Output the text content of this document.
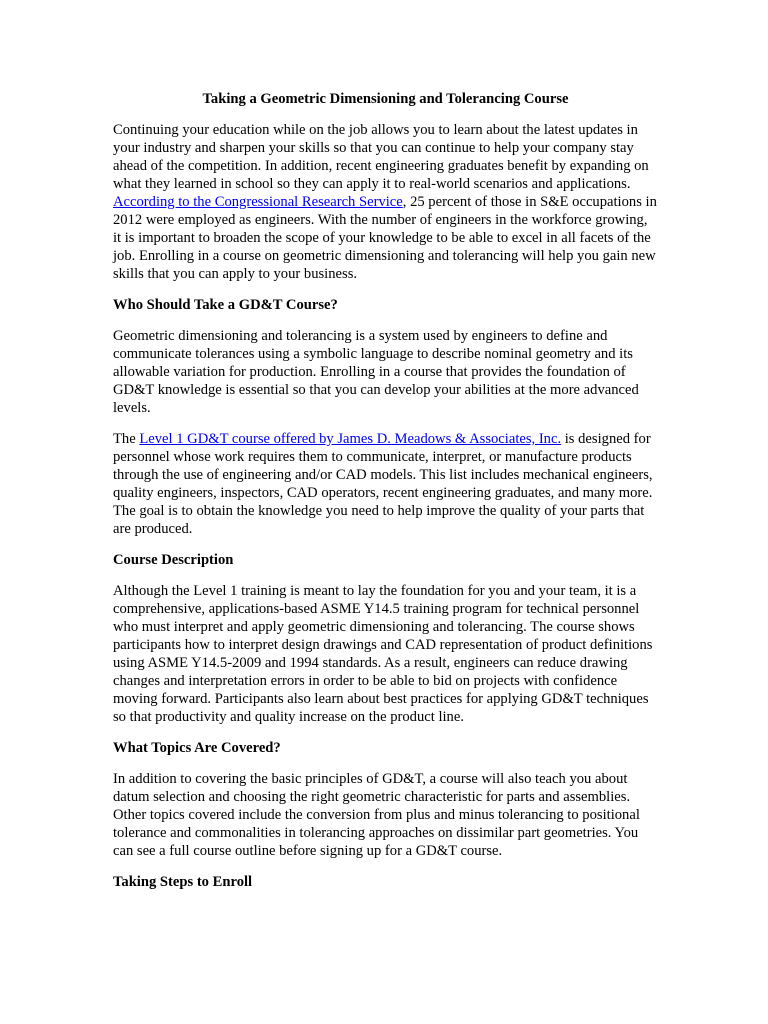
Taking a Geometric Dimensioning and Tolerancing Course

Continuing your education while on the job allows you to learn about the latest updates in your industry and sharpen your skills so that you can continue to help your company stay ahead of the competition. In addition, recent engineering graduates benefit by expanding on what they learned in school so they can apply it to real-world scenarios and applications. According to the Congressional Research Service, 25 percent of those in S&E occupations in 2012 were employed as engineers. With the number of engineers in the workforce growing, it is important to broaden the scope of your knowledge to be able to excel in all facets of the job. Enrolling in a course on geometric dimensioning and tolerancing will help you gain new skills that you can apply to your business.

Who Should Take a GD&T Course?

Geometric dimensioning and tolerancing is a system used by engineers to define and communicate tolerances using a symbolic language to describe nominal geometry and its allowable variation for production. Enrolling in a course that provides the foundation of GD&T knowledge is essential so that you can develop your abilities at the more advanced levels.

The Level 1 GD&T course offered by James D. Meadows & Associates, Inc. is designed for personnel whose work requires them to communicate, interpret, or manufacture products through the use of engineering and/or CAD models. This list includes mechanical engineers, quality engineers, inspectors, CAD operators, recent engineering graduates, and many more. The goal is to obtain the knowledge you need to help improve the quality of your parts that are produced.

Course Description

Although the Level 1 training is meant to lay the foundation for you and your team, it is a comprehensive, applications-based ASME Y14.5 training program for technical personnel who must interpret and apply geometric dimensioning and tolerancing. The course shows participants how to interpret design drawings and CAD representation of product definitions using ASME Y14.5-2009 and 1994 standards. As a result, engineers can reduce drawing changes and interpretation errors in order to be able to bid on projects with confidence moving forward. Participants also learn about best practices for applying GD&T techniques so that productivity and quality increase on the product line.

What Topics Are Covered?

In addition to covering the basic principles of GD&T, a course will also teach you about datum selection and choosing the right geometric characteristic for parts and assemblies. Other topics covered include the conversion from plus and minus tolerancing to positional tolerance and commonalities in tolerancing approaches on dissimilar part geometries. You can see a full course outline before signing up for a GD&T course.

Taking Steps to Enroll
